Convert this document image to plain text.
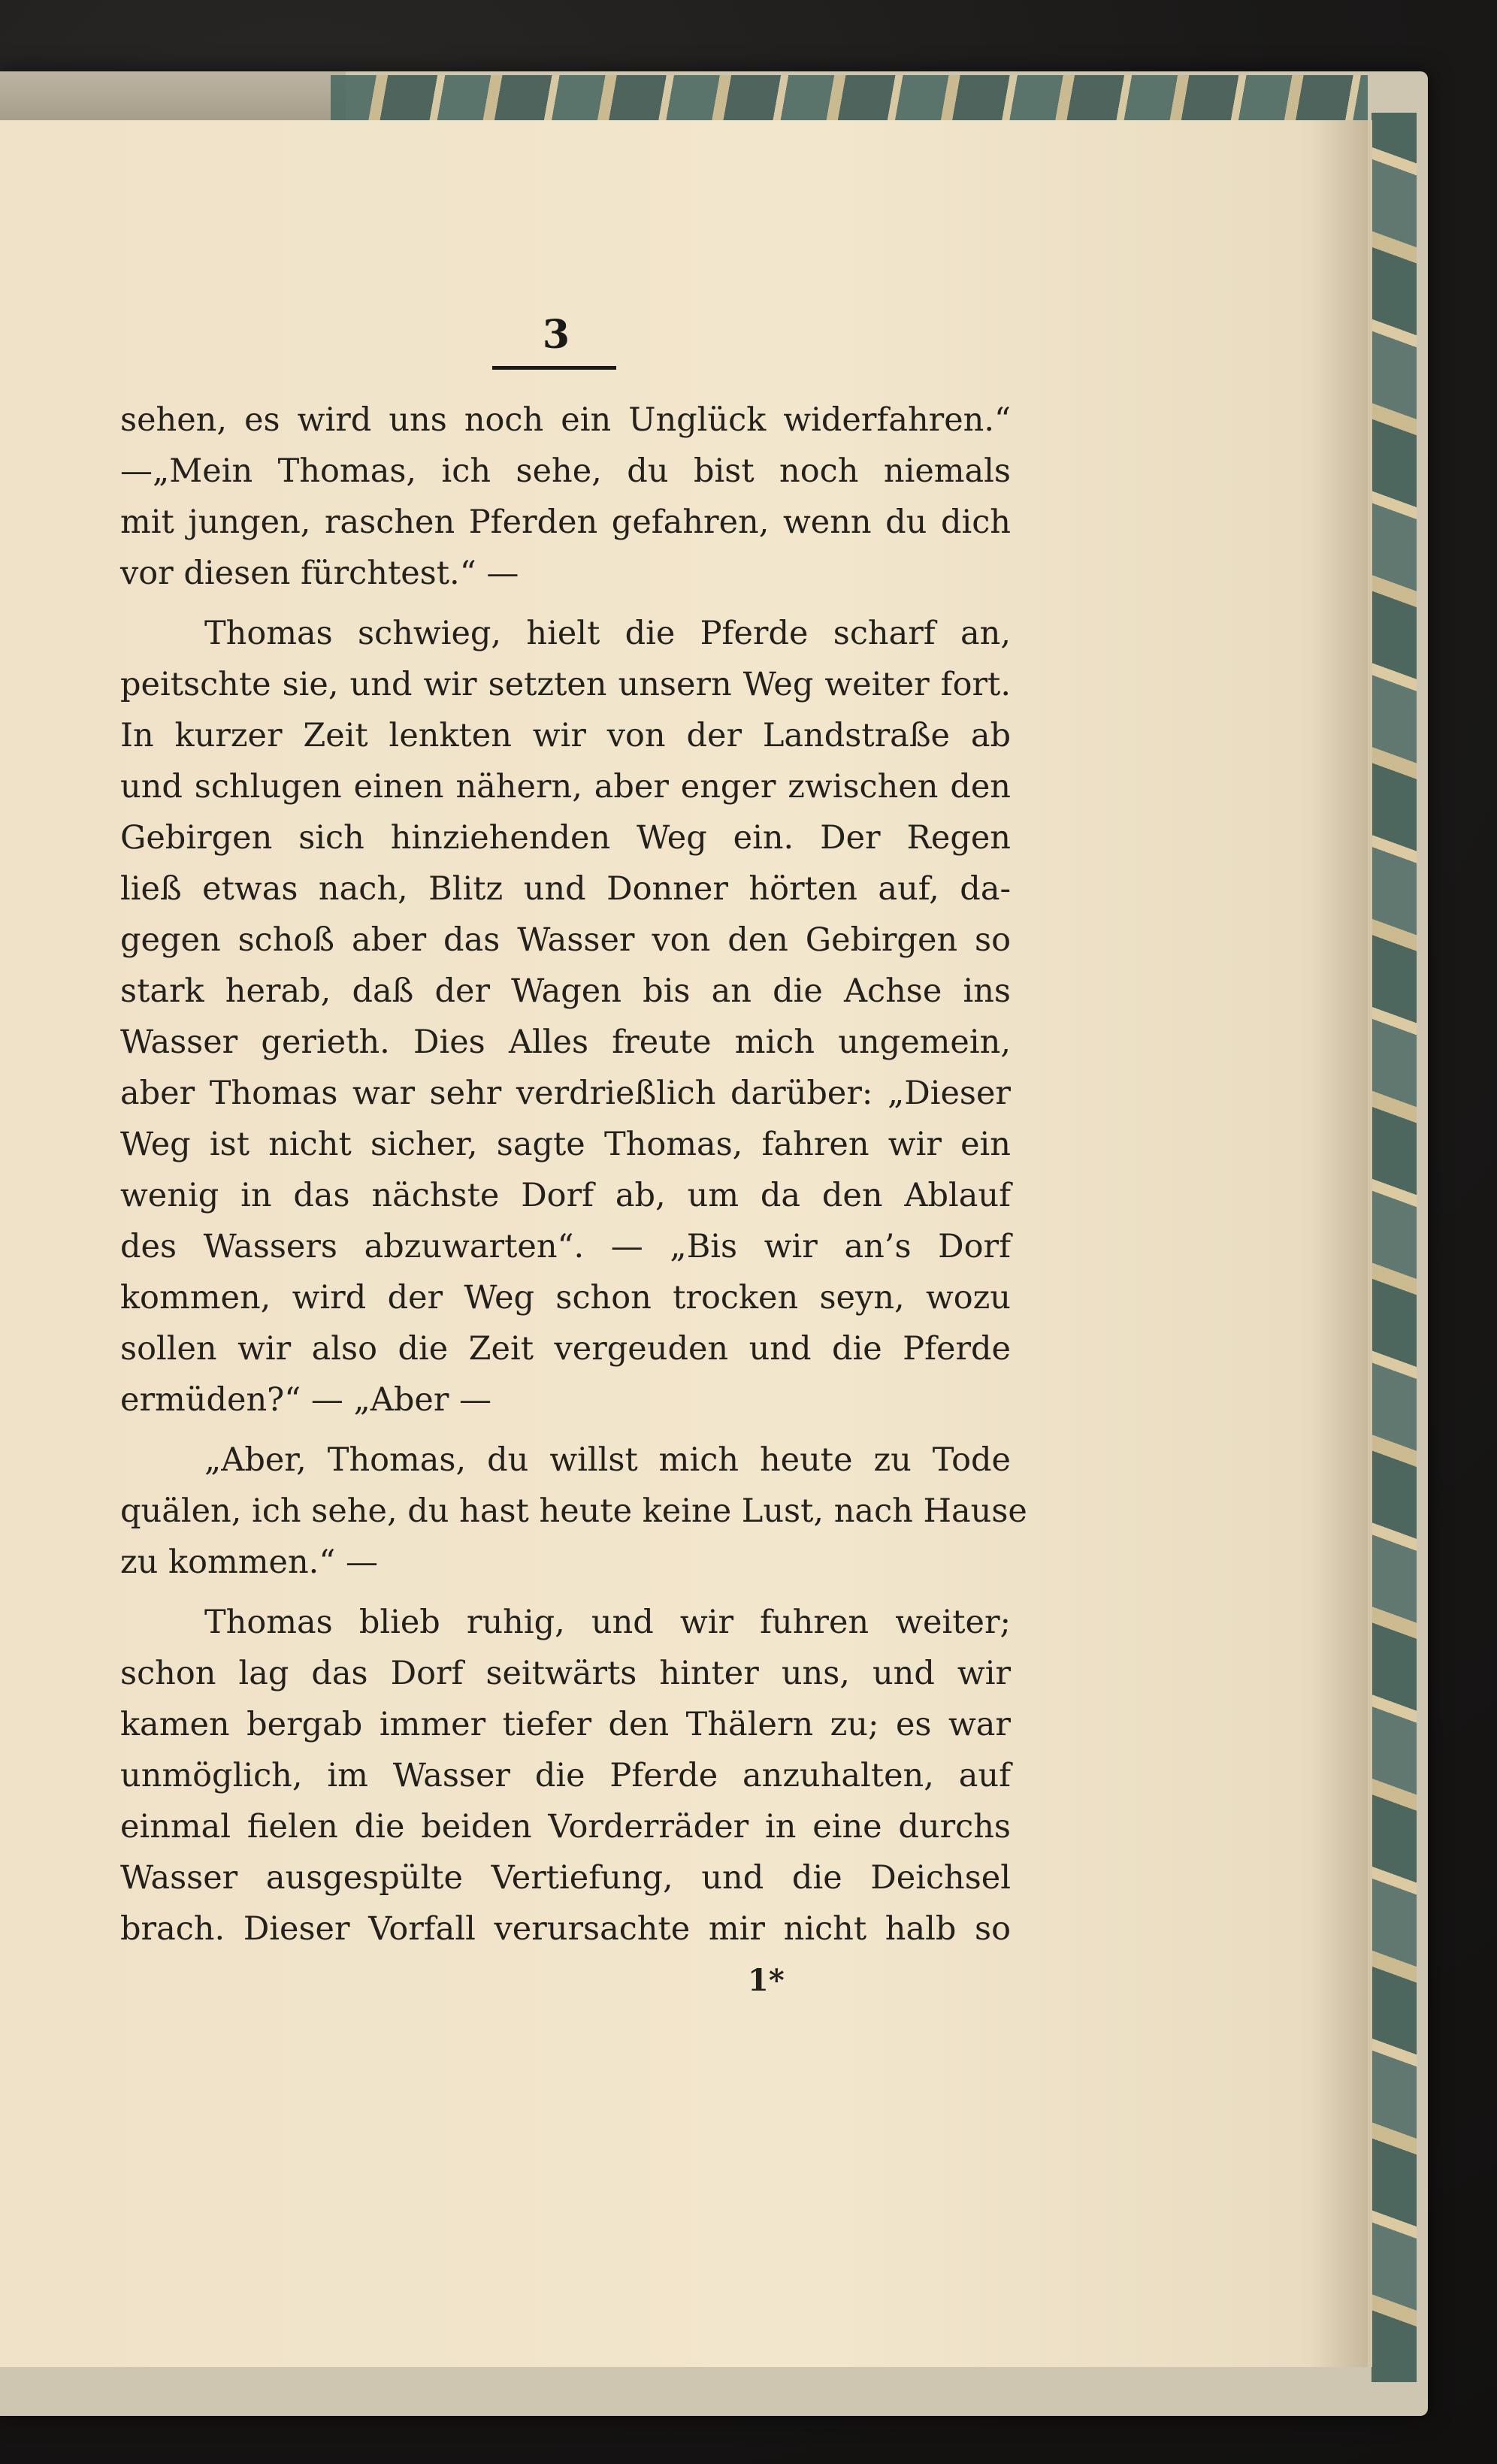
3
sehen, es wird uns noch ein Unglück widerfahren.“
—„Mein Thomas, ich sehe, du bist noch niemals
mit jungen, raschen Pferden gefahren, wenn du dich
vor diesen fürchtest.“ —
Thomas schwieg, hielt die Pferde scharf an,
peitschte sie, und wir setzten unsern Weg weiter fort.
In kurzer Zeit lenkten wir von der Landstraße ab
und schlugen einen nähern, aber enger zwischen den
Gebirgen sich hinziehenden Weg ein. Der Regen
ließ etwas nach, Blitz und Donner hörten auf, da-
gegen schoß aber das Wasser von den Gebirgen so
stark herab, daß der Wagen bis an die Achse ins
Wasser gerieth. Dies Alles freute mich ungemein,
aber Thomas war sehr verdrießlich darüber: „Dieser
Weg ist nicht sicher, sagte Thomas, fahren wir ein
wenig in das nächste Dorf ab, um da den Ablauf
des Wassers abzuwarten“. — „Bis wir an’s Dorf
kommen, wird der Weg schon trocken seyn, wozu
sollen wir also die Zeit vergeuden und die Pferde
ermüden?“ — „Aber —
„Aber, Thomas, du willst mich heute zu Tode
quälen, ich sehe, du hast heute keine Lust, nach Hause
zu kommen.“ —
Thomas blieb ruhig, und wir fuhren weiter;
schon lag das Dorf seitwärts hinter uns, und wir
kamen bergab immer tiefer den Thälern zu; es war
unmöglich, im Wasser die Pferde anzuhalten, auf
einmal fielen die beiden Vorderräder in eine durchs
Wasser ausgespülte Vertiefung, und die Deichsel
brach. Dieser Vorfall verursachte mir nicht halb so
1*
